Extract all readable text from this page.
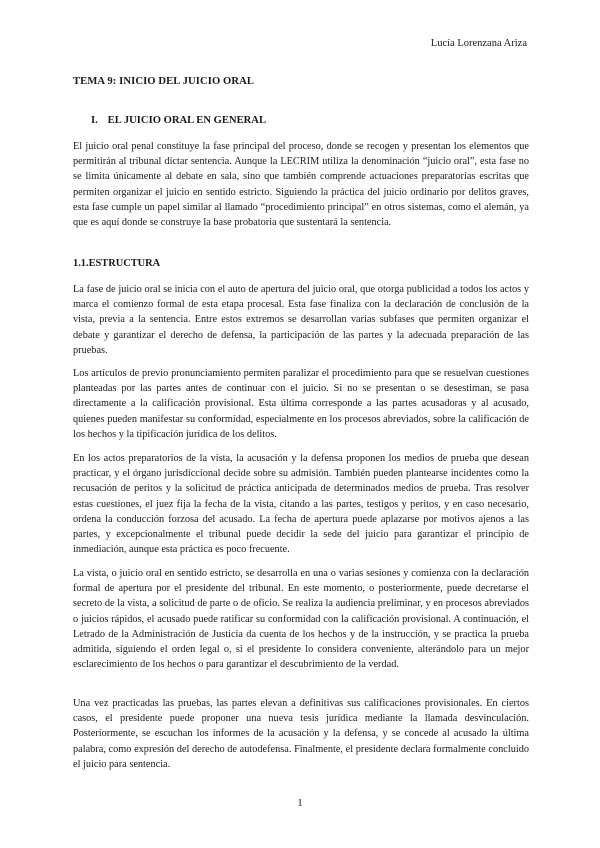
Lucía Lorenzana Ariza
TEMA 9: INICIO DEL JUICIO ORAL
I. EL JUICIO ORAL EN GENERAL

El juicio oral penal constituye la fase principal del proceso, donde se recogen y presentan los elementos que permitirán al tribunal dictar sentencia. Aunque la LECRIM utiliza la denominación “juicio oral”, esta fase no se limita únicamente al debate en sala, sino que también comprende actuaciones preparatorias escritas que permiten organizar el juicio en sentido estricto. Siguiendo la práctica del juicio ordinario por delitos graves, esta fase cumple un papel similar al llamado “procedimiento principal” en otros sistemas, como el alemán, ya que es aquí donde se construye la base probatoria que sustentará la sentencia.

1.1.ESTRUCTURA

La fase de juicio oral se inicia con el auto de apertura del juicio oral, que otorga publicidad a todos los actos y marca el comienzo formal de esta etapa procesal. Esta fase finaliza con la declaración de conclusión de la vista, previa a la sentencia. Entre estos extremos se desarrollan varias subfases que permiten organizar el debate y garantizar el derecho de defensa, la participación de las partes y la adecuada preparación de las pruebas.

Los artículos de previo pronunciamiento permiten paralizar el procedimiento para que se resuelvan cuestiones planteadas por las partes antes de continuar con el juicio. Si no se presentan o se desestiman, se pasa directamente a la calificación provisional. Esta última corresponde a las partes acusadoras y al acusado, quienes pueden manifestar su conformidad, especialmente en los procesos abreviados, sobre la calificación de los hechos y la tipificación jurídica de los delitos.

En los actos preparatorios de la vista, la acusación y la defensa proponen los medios de prueba que desean practicar, y el órgano jurisdiccional decide sobre su admisión. También pueden plantearse incidentes como la recusación de peritos y la solicitud de práctica anticipada de determinados medios de prueba. Tras resolver estas cuestiones, el juez fija la fecha de la vista, citando a las partes, testigos y peritos, y en caso necesario, ordena la conducción forzosa del acusado. La fecha de apertura puede aplazarse por motivos ajenos a las partes, y excepcionalmente el tribunal puede decidir la sede del juicio para garantizar el principio de inmediación, aunque esta práctica es poco frecuente.

La vista, o juicio oral en sentido estricto, se desarrolla en una o varias sesiones y comienza con la declaración formal de apertura por el presidente del tribunal. En este momento, o posteriormente, puede decretarse el secreto de la vista, a solicitud de parte o de oficio. Se realiza la audiencia preliminar, y en procesos abreviados o juicios rápidos, el acusado puede ratificar su conformidad con la calificación provisional. A continuación, el Letrado de la Administración de Justicia da cuenta de los hechos y de la instrucción, y se practica la prueba admitida, siguiendo el orden legal o, si el presidente lo considera conveniente, alterándolo para un mejor esclarecimiento de los hechos o para garantizar el descubrimiento de la verdad.

Una vez practicadas las pruebas, las partes elevan a definitivas sus calificaciones provisionales. En ciertos casos, el presidente puede proponer una nueva tesis jurídica mediante la llamada desvinculación. Posteriormente, se escuchan los informes de la acusación y la defensa, y se concede al acusado la última palabra, como expresión del derecho de autodefensa. Finalmente, el presidente declara formalmente concluido el juicio para sentencia.

1
